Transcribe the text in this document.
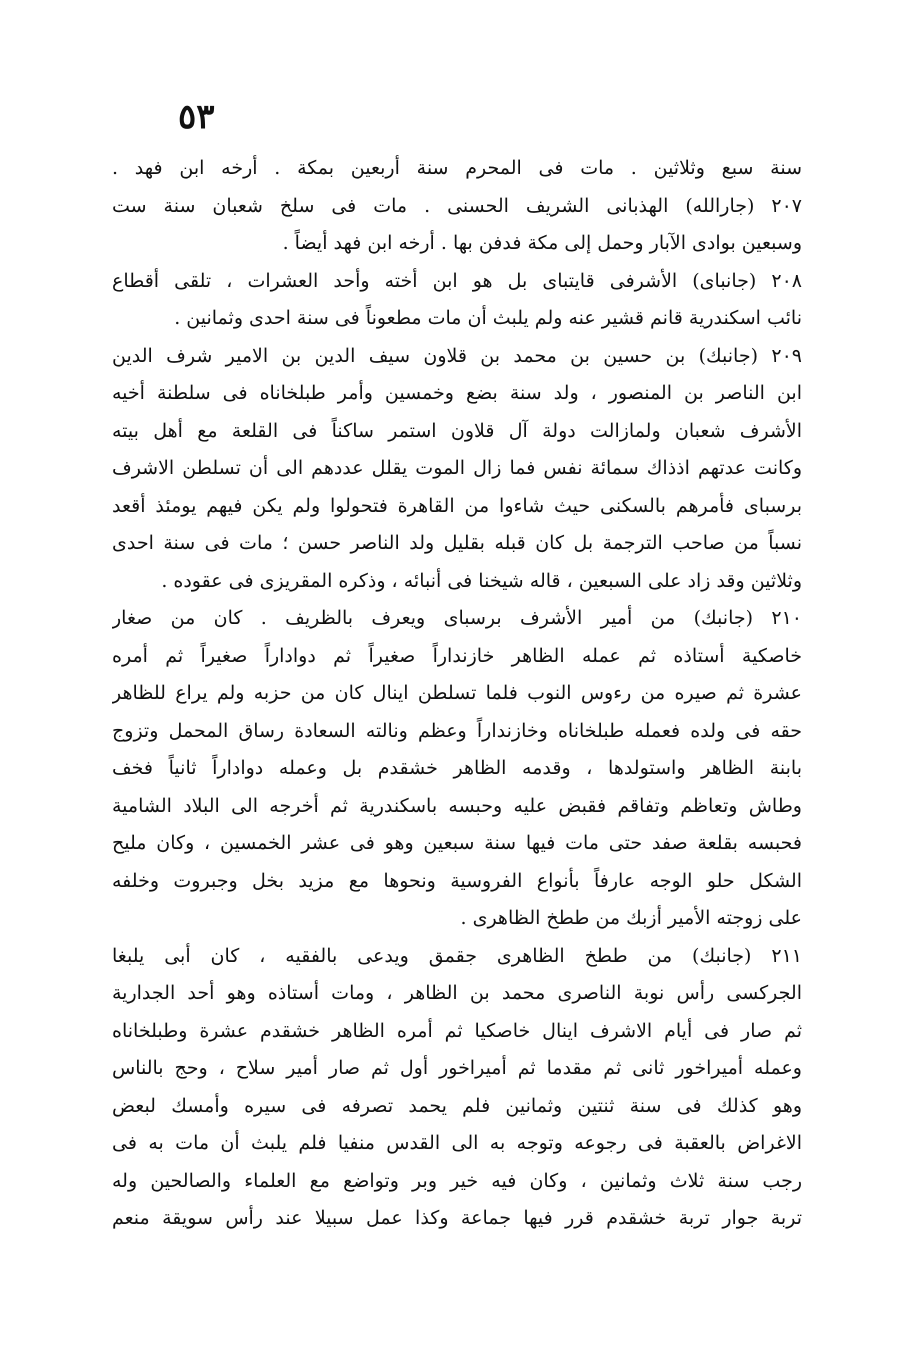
٥٣
سنة سبع وثلاثين . مات فى المحرم سنة أربعين بمكة . أرخه ابن فهد .
٢٠٧ (جارالله) الهذبانى الشريف الحسنى . مات فى سلخ شعبان سنة ست
وسبعين بوادى الآبار وحمل إلى مكة فدفن بها . أرخه ابن فهد أيضاً .
٢٠٨ (جانباى) الأشرفى قايتباى بل هو ابن أخته وأحد العشرات ، تلقى أقطاع
نائب اسكندرية قانم قشير عنه ولم يلبث أن مات مطعوناً فى سنة احدى وثمانين .
٢٠٩ (جانبك) بن حسين بن محمد بن قلاون سيف الدين بن الامير شرف الدين
ابن الناصر بن المنصور ، ولد سنة بضع وخمسين وأمر طبلخاناه فى سلطنة أخيه
الأشرف شعبان ولمازالت دولة آل قلاون استمر ساكناً فى القلعة مع أهل بيته
وكانت عدتهم اذذاك سمائة نفس فما زال الموت يقلل عددهم الى أن تسلطن الاشرف
برسباى فأمرهم بالسكنى حيث شاءوا من القاهرة فتحولوا ولم يكن فيهم يومئذ أقعد
نسباً من صاحب الترجمة بل كان قبله بقليل ولد الناصر حسن ؛ مات فى سنة احدى
وثلاثين وقد زاد على السبعين ، قاله شيخنا فى أنبائه ، وذكره المقريزى فى عقوده .
٢١٠ (جانبك) من أمير الأشرف برسباى ويعرف بالظريف . كان من صغار
خاصكية أستاذه ثم عمله الظاهر خازنداراً صغيراً ثم دواداراً صغيراً ثم أمره
عشرة ثم صيره من رءوس النوب فلما تسلطن اينال كان من حزبه ولم يراع للظاهر
حقه فى ولده فعمله طبلخاناه وخازنداراً وعظم ونالته السعادة رساق المحمل وتزوج
بابنة الظاهر واستولدها ، وقدمه الظاهر خشقدم بل وعمله دواداراً ثانياً فخف
وطاش وتعاظم وتفاقم فقبض عليه وحبسه باسكندرية ثم أخرجه الى البلاد الشامية
فحبسه بقلعة صفد حتى مات فيها سنة سبعين وهو فى عشر الخمسين ، وكان مليح
الشكل حلو الوجه عارفاً بأنواع الفروسية ونحوها مع مزيد بخل وجبروت وخلفه
على زوجته الأمير أزبك من ططخ الظاهرى .
٢١١ (جانبك) من ططخ الظاهرى جقمق ويدعى بالفقيه ، كان أبى يلبغا
الجركسى رأس نوبة الناصرى محمد بن الظاهر ، ومات أستاذه وهو أحد الجدارية
ثم صار فى أيام الاشرف اينال خاصكيا ثم أمره الظاهر خشقدم عشرة وطبلخاناه
وعمله أميراخور ثانى ثم مقدما ثم أميراخور أول ثم صار أمير سلاح ، وحج بالناس
وهو كذلك فى سنة ثنتين وثمانين فلم يحمد تصرفه فى سيره وأمسك لبعض
الاغراض بالعقبة فى رجوعه وتوجه به الى القدس منفيا فلم يلبث أن مات به فى
رجب سنة ثلاث وثمانين ، وكان فيه خير وبر وتواضع مع العلماء والصالحين وله
تربة جوار تربة خشقدم قرر فيها جماعة وكذا عمل سبيلا عند رأس سويقة منعم
